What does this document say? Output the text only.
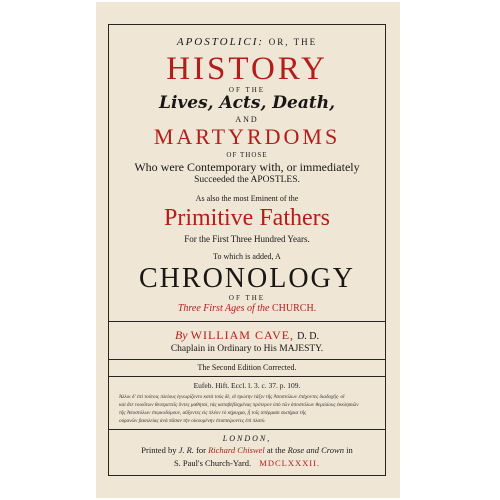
APOSTOLICI: OR, THE
HISTORY
OF THE
Lives, Acts, Death,
AND
MARTYRDOMS
OF THOSE
Who were Contemporary with, or immediately
Succeeded the APOSTLES.
As also the most Eminent of the
Primitive Fathers
For the First Three Hundred Years.
To which is added, A
CHRONOLOGY
OF THE
Three First Ages of the CHURCH.
By WILLIAM CAVE, D. D.
Chaplain in Ordinary to His MAJESTY.
The Second Edition Corrected.
Eufeb. Hift. Eccl. l. 3. c. 37. p. 109.
Ἀλλοι δ' ἐπὶ τούτοις πλείους ἐγνωρίζοντο κατὰ τοὺς δὲ, οἳ πρώτην τάξιν τῆς Ἀποστόλων ἐπέχοντες διαδοχῆς· οἳ
καὶ ἅτε τοιοῦτων θεοπρεπεῖς ὄντες μαθηταί, τὰς καταβεβλημένας πρότερον ὑπὸ τῶν ἀποστόλων θεμελίους ἐκκλησιῶν
τῆς Ἀποστόλων ἐπῳκοδόμουν, αὔξοντες εἰς πλέον τὸ κήρυγμα, ᾗ τοῖς σπέρμασι σωτήρια τῆς
οὐρανῶν βασιλείας ἀνὰ πᾶσαν τὴν οἰκουμένην ἐπισπείροντες ἐπὶ πλατύ.
LONDON,
Printed by J. R. for Richard Chiswel at the Rose and Crown in
S. Paul's Church-Yard. MDCLXXXII.
